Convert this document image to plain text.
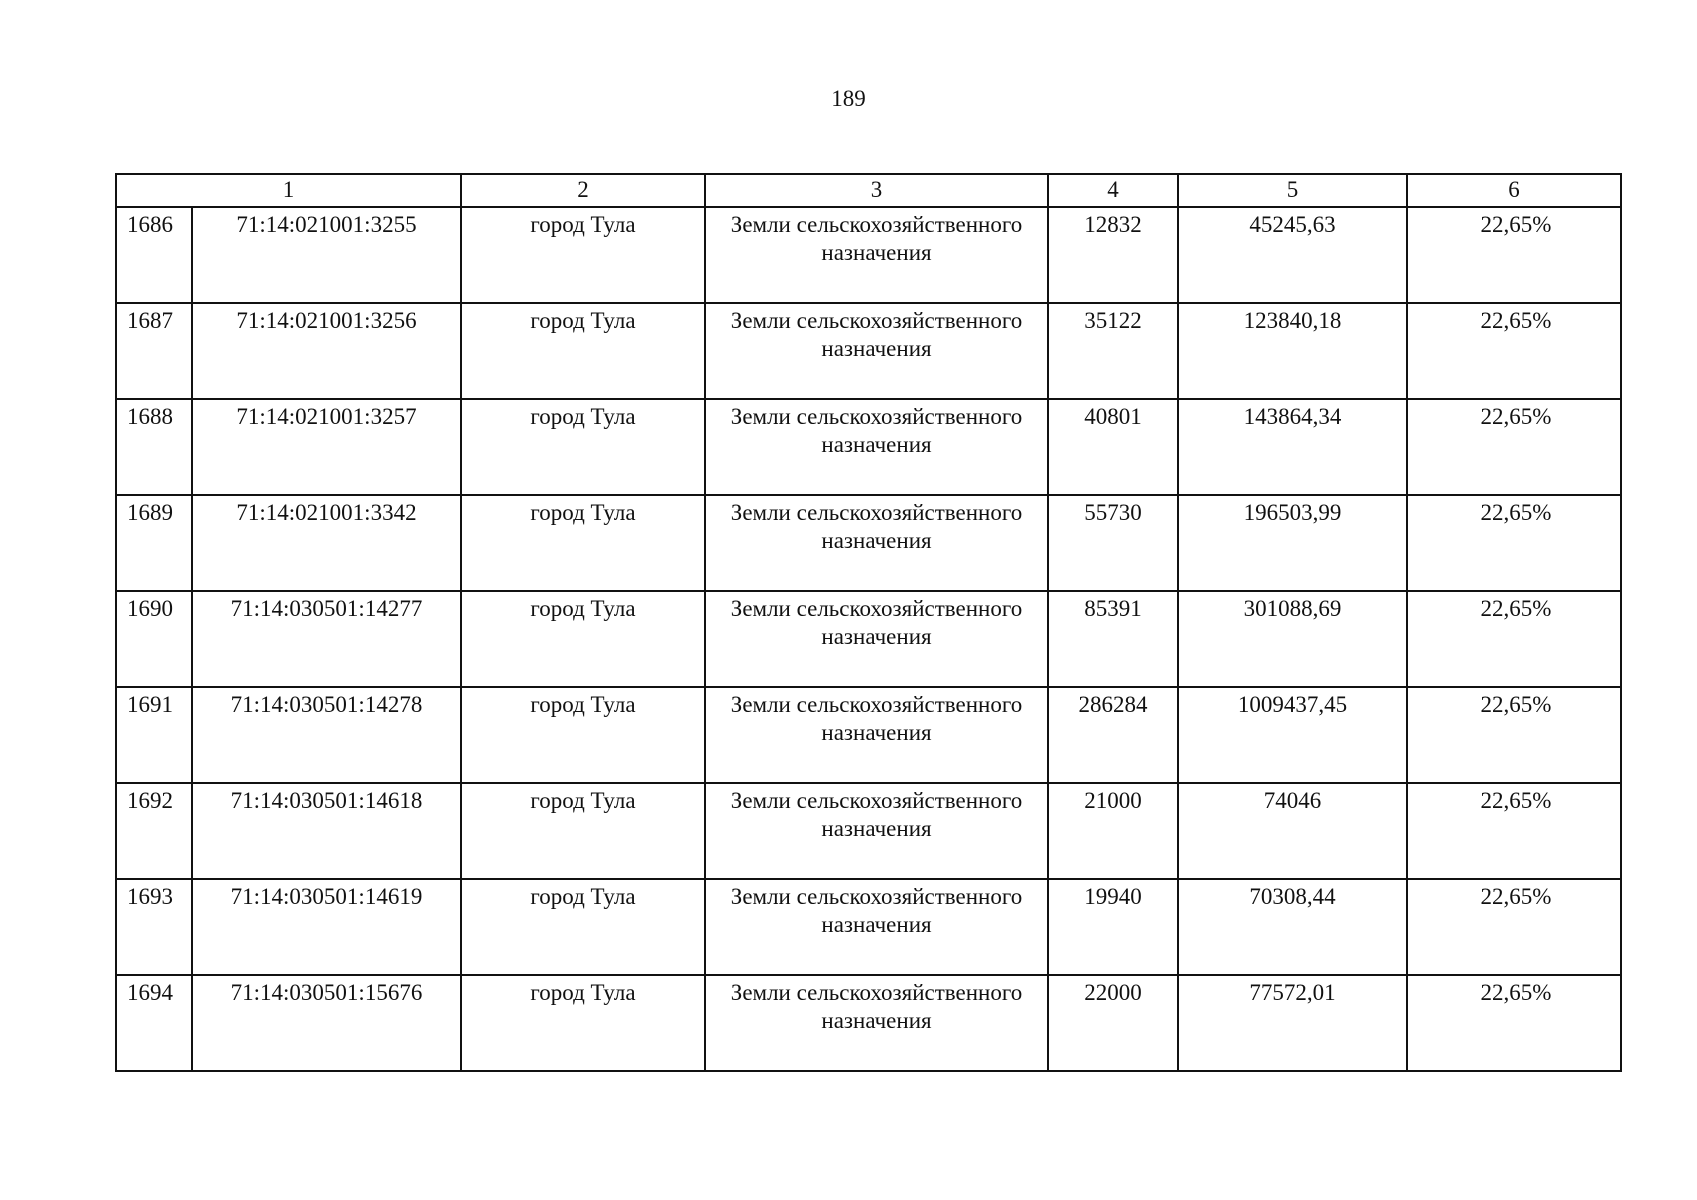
189
1		2	3	4	5	6
1686	71:14:021001:3255	город Тула	Земли сельскохозяйственного назначения	12832	45245,63	22,65%
1687	71:14:021001:3256	город Тула	Земли сельскохозяйственного назначения	35122	123840,18	22,65%
1688	71:14:021001:3257	город Тула	Земли сельскохозяйственного назначения	40801	143864,34	22,65%
1689	71:14:021001:3342	город Тула	Земли сельскохозяйственного назначения	55730	196503,99	22,65%
1690	71:14:030501:14277	город Тула	Земли сельскохозяйственного назначения	85391	301088,69	22,65%
1691	71:14:030501:14278	город Тула	Земли сельскохозяйственного назначения	286284	1009437,45	22,65%
1692	71:14:030501:14618	город Тула	Земли сельскохозяйственного назначения	21000	74046	22,65%
1693	71:14:030501:14619	город Тула	Земли сельскохозяйственного назначения	19940	70308,44	22,65%
1694	71:14:030501:15676	город Тула	Земли сельскохозяйственного назначения	22000	77572,01	22,65%
